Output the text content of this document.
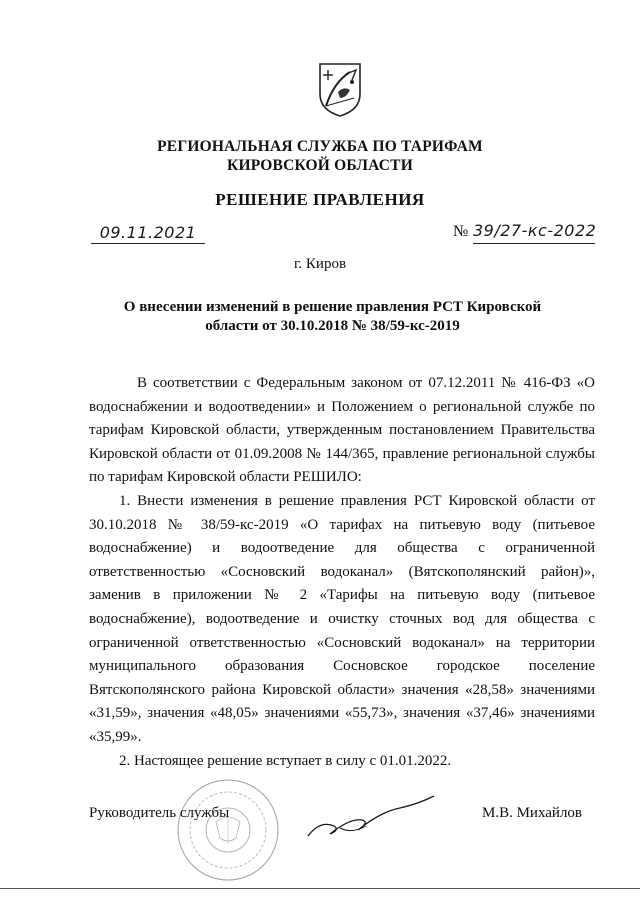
РЕГИОНАЛЬНАЯ СЛУЖБА ПО ТАРИФАМ
КИРОВСКОЙ ОБЛАСТИ
РЕШЕНИЕ ПРАВЛЕНИЯ
09.11.2021	№ 39/27-кс-2022
г. Киров
О внесении изменений в решение правления РСТ Кировской области от 30.10.2018 № 38/59-кс-2019

В соответствии с Федеральным законом от 07.12.2011 № 416-ФЗ «О водоснабжении и водоотведении» и Положением о региональной службе по тарифам Кировской области, утвержденным постановлением Правительства Кировской области от 01.09.2008 № 144/365, правление региональной службы по тарифам Кировской области РЕШИЛО:

1. Внести изменения в решение правления РСТ Кировской области от 30.10.2018 № 38/59-кс-2019 «О тарифах на питьевую воду (питьевое водоснабжение) и водоотведение для общества с ограниченной ответственностью «Сосновский водоканал» (Вятскополянский район)», заменив в приложении № 2 «Тарифы на питьевую воду (питьевое водоснабжение), водоотведение и очистку сточных вод для общества с ограниченной ответственностью «Сосновский водоканал» на территории муниципального образования Сосновское городское поселение Вятскополянского района Кировской области» значения «28,58» значениями «31,59», значения «48,05» значениями «55,73», значения «37,46» значениями «35,99».

2. Настоящее решение вступает в силу с 01.01.2022.

Руководитель службы	М.В. Михайлов
